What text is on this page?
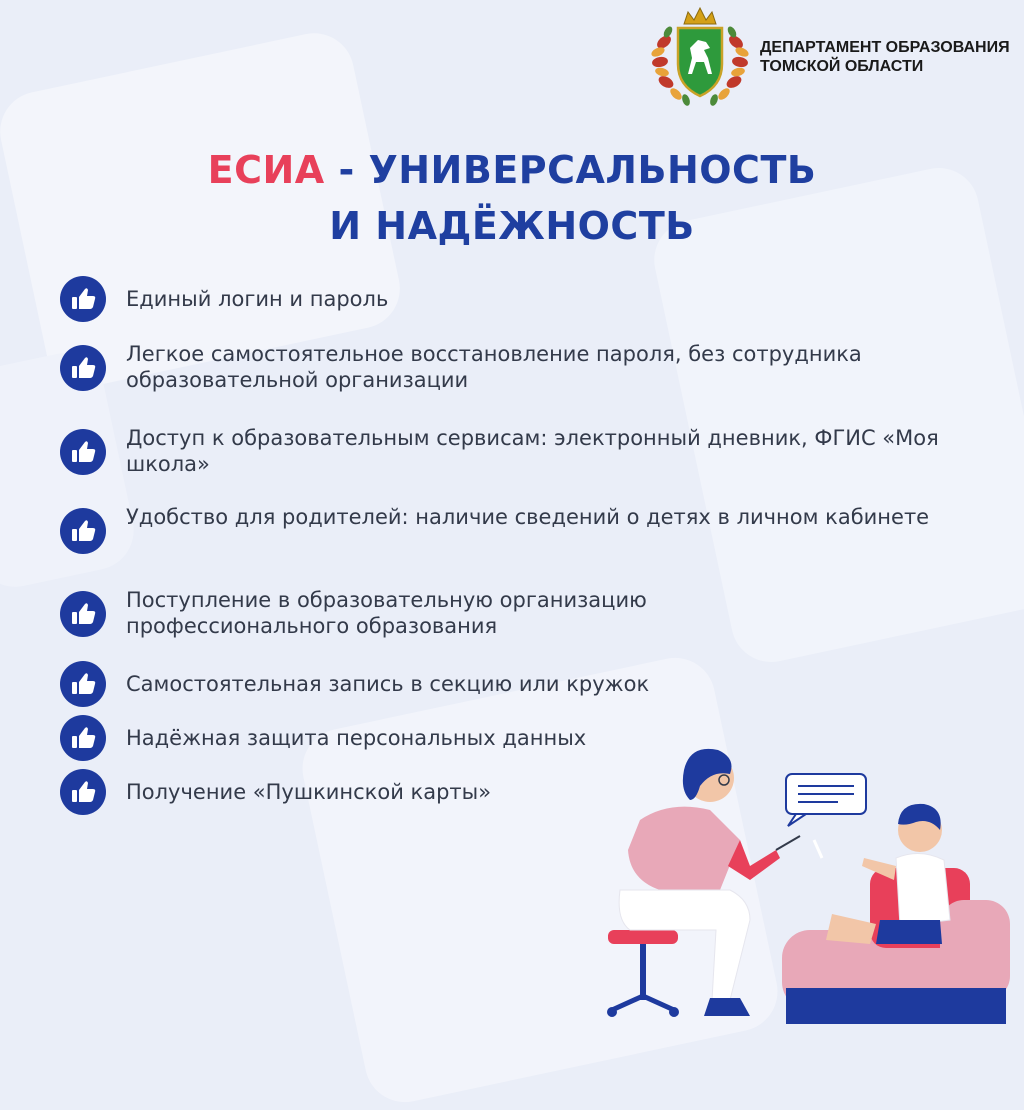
ДЕПАРТАМЕНТ ОБРАЗОВАНИЯ
ТОМСКОЙ ОБЛАСТИ
ЕСИА - УНИВЕРСАЛЬНОСТЬ
И НАДЁЖНОСТЬ
Единый логин и пароль
Легкое самостоятельное восстановление пароля, без сотрудника образовательной организации
Доступ к образовательным сервисам: электронный дневник, ФГИС «Моя школа»
Удобство для родителей: наличие сведений о детях в личном кабинете
Поступление в образовательную организацию профессионального образования
Самостоятельная запись в секцию или кружок
Надёжная защита персональных данных
Получение «Пушкинской карты»
